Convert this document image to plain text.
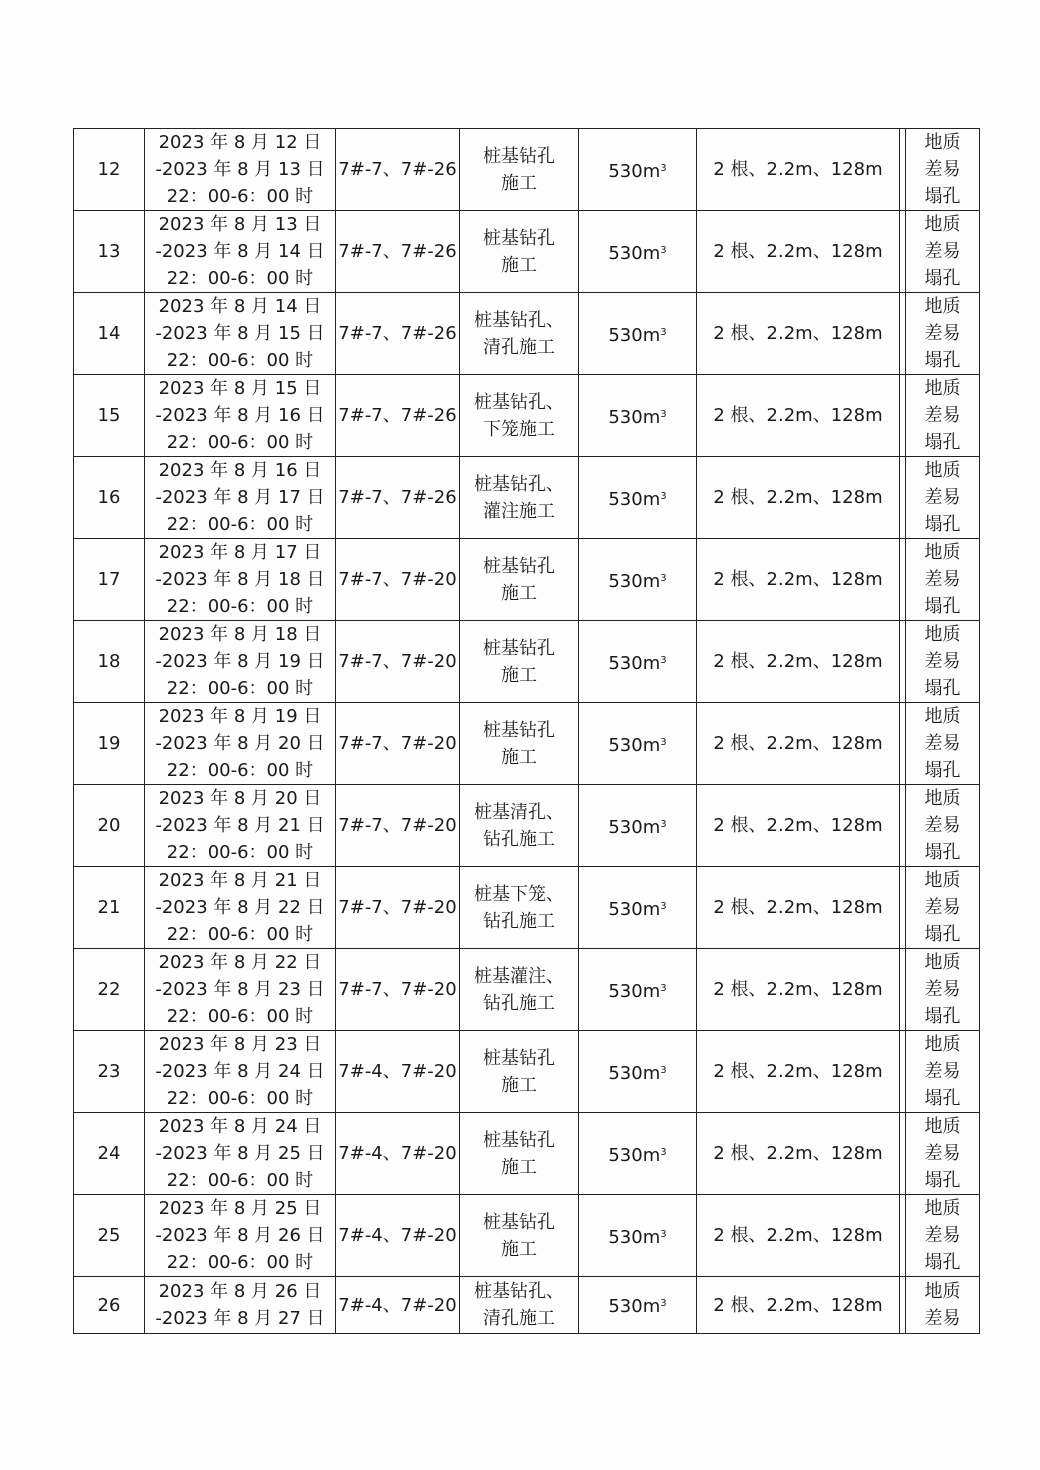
12	2023 年 8 月 12 日
-2023 年 8 月 13 日
22：00-6：00 时	7#-7、7#-26	桩基钻孔
施工	$530m^3$	2 根、2.2m、128m		地质
差易
塌孔

13	2023 年 8 月 13 日
-2023 年 8 月 14 日
22：00-6：00 时	7#-7、7#-26	桩基钻孔
施工	$530m^3$	2 根、2.2m、128m		地质
差易
塌孔

14	2023 年 8 月 14 日
-2023 年 8 月 15 日
22：00-6：00 时	7#-7、7#-26	桩基钻孔、
清孔施工	$530m^3$	2 根、2.2m、128m		地质
差易
塌孔

15	2023 年 8 月 15 日
-2023 年 8 月 16 日
22：00-6：00 时	7#-7、7#-26	桩基钻孔、
下笼施工	$530m^3$	2 根、2.2m、128m		地质
差易
塌孔

16	2023 年 8 月 16 日
-2023 年 8 月 17 日
22：00-6：00 时	7#-7、7#-26	桩基钻孔、
灌注施工	$530m^3$	2 根、2.2m、128m		地质
差易
塌孔

17	2023 年 8 月 17 日
-2023 年 8 月 18 日
22：00-6：00 时	7#-7、7#-20	桩基钻孔
施工	$530m^3$	2 根、2.2m、128m		地质
差易
塌孔

18	2023 年 8 月 18 日
-2023 年 8 月 19 日
22：00-6：00 时	7#-7、7#-20	桩基钻孔
施工	$530m^3$	2 根、2.2m、128m		地质
差易
塌孔

19	2023 年 8 月 19 日
-2023 年 8 月 20 日
22：00-6：00 时	7#-7、7#-20	桩基钻孔
施工	$530m^3$	2 根、2.2m、128m		地质
差易
塌孔

20	2023 年 8 月 20 日
-2023 年 8 月 21 日
22：00-6：00 时	7#-7、7#-20	桩基清孔、
钻孔施工	$530m^3$	2 根、2.2m、128m		地质
差易
塌孔

21	2023 年 8 月 21 日
-2023 年 8 月 22 日
22：00-6：00 时	7#-7、7#-20	桩基下笼、
钻孔施工	$530m^3$	2 根、2.2m、128m		地质
差易
塌孔

22	2023 年 8 月 22 日
-2023 年 8 月 23 日
22：00-6：00 时	7#-7、7#-20	桩基灌注、
钻孔施工	$530m^3$	2 根、2.2m、128m		地质
差易
塌孔

23	2023 年 8 月 23 日
-2023 年 8 月 24 日
22：00-6：00 时	7#-4、7#-20	桩基钻孔
施工	$530m^3$	2 根、2.2m、128m		地质
差易
塌孔

24	2023 年 8 月 24 日
-2023 年 8 月 25 日
22：00-6：00 时	7#-4、7#-20	桩基钻孔
施工	$530m^3$	2 根、2.2m、128m		地质
差易
塌孔

25	2023 年 8 月 25 日
-2023 年 8 月 26 日
22：00-6：00 时	7#-4、7#-20	桩基钻孔
施工	$530m^3$	2 根、2.2m、128m		地质
差易
塌孔

26	2023 年 8 月 26 日
-2023 年 8 月 27 日	7#-4、7#-20	桩基钻孔、
清孔施工	$530m^3$	2 根、2.2m、128m		地质
差易
